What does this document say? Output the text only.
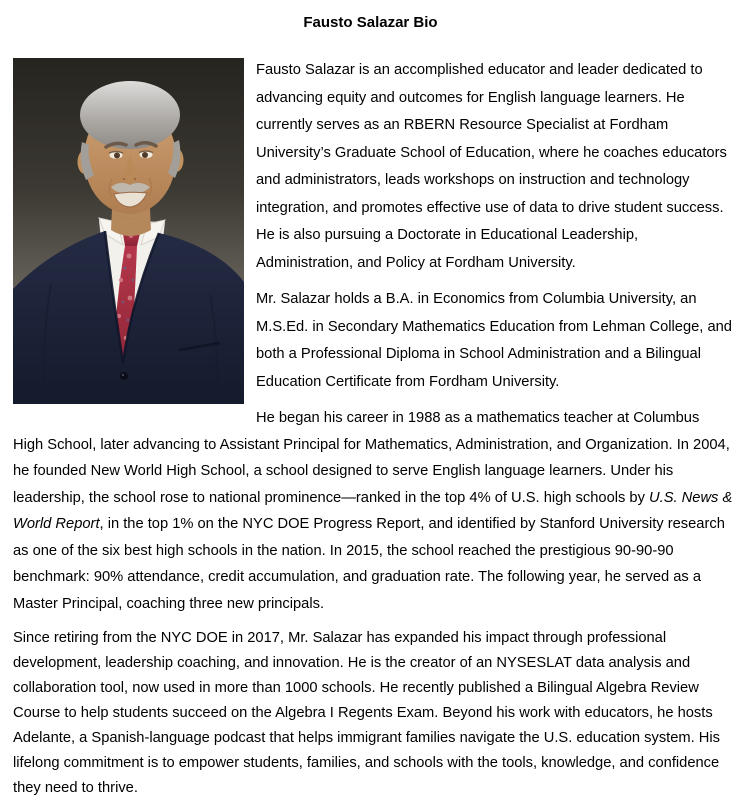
Fausto Salazar Bio

Fausto Salazar is an accomplished educator and leader dedicated to advancing equity and outcomes for English language learners. He currently serves as an RBERN Resource Specialist at Fordham University’s Graduate School of Education, where he coaches educators and administrators, leads workshops on instruction and technology integration, and promotes effective use of data to drive student success. He is also pursuing a Doctorate in Educational Leadership, Administration, and Policy at Fordham University.

Mr. Salazar holds a B.A. in Economics from Columbia University, an M.S.Ed. in Secondary Mathematics Education from Lehman College, and both a Professional Diploma in School Administration and a Bilingual Education Certificate from Fordham University.

He began his career in 1988 as a mathematics teacher at Columbus High School, later advancing to Assistant Principal for Mathematics, Administration, and Organization. In 2004, he founded New World High School, a school designed to serve English language learners. Under his leadership, the school rose to national prominence—ranked in the top 4% of U.S. high schools by U.S. News & World Report, in the top 1% on the NYC DOE Progress Report, and identified by Stanford University research as one of the six best high schools in the nation. In 2015, the school reached the prestigious 90-90-90 benchmark: 90% attendance, credit accumulation, and graduation rate. The following year, he served as a Master Principal, coaching three new principals.

Since retiring from the NYC DOE in 2017, Mr. Salazar has expanded his impact through professional development, leadership coaching, and innovation. He is the creator of an NYSESLAT data analysis and collaboration tool, now used in more than 1000 schools. He recently published a Bilingual Algebra Review Course to help students succeed on the Algebra I Regents Exam. Beyond his work with educators, he hosts Adelante, a Spanish-language podcast that helps immigrant families navigate the U.S. education system. His lifelong commitment is to empower students, families, and schools with the tools, knowledge, and confidence they need to thrive.
